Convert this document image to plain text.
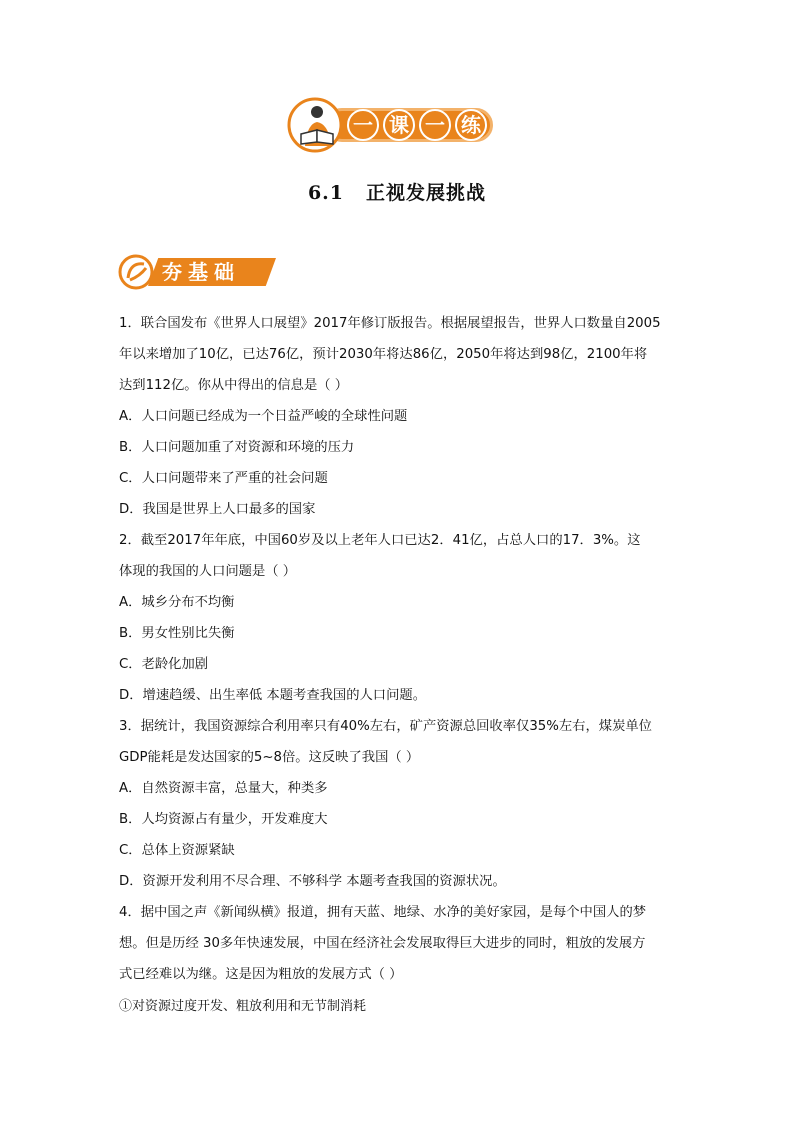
一 课 一 练
6.1 正视发展挑战
夯基础

1．联合国发布《世界人口展望》2017年修订版报告。根据展望报告，世界人口数量自2005

年以来增加了10亿，已达76亿，预计2030年将达86亿，2050年将达到98亿，2100年将

达到112亿。你从中得出的信息是（ ）

A．人口问题已经成为一个日益严峻的全球性问题

B．人口问题加重了对资源和环境的压力

C．人口问题带来了严重的社会问题

D．我国是世界上人口最多的国家

2．截至2017年年底，中国60岁及以上老年人口已达2．41亿，占总人口的17．3%。这

体现的我国的人口问题是（ ）

A．城乡分布不均衡

B．男女性别比失衡

C．老龄化加剧

D．增速趋缓、出生率低 本题考查我国的人口问题。

3．据统计，我国资源综合利用率只有40%左右，矿产资源总回收率仅35%左右，煤炭单位

GDP能耗是发达国家的5~8倍。这反映了我国（ ）

A．自然资源丰富，总量大，种类多

B．人均资源占有量少，开发难度大

C．总体上资源紧缺

D．资源开发利用不尽合理、不够科学 本题考查我国的资源状况。

4．据中国之声《新闻纵横》报道，拥有天蓝、地绿、水净的美好家园，是每个中国人的梦

想。但是历经 30多年快速发展，中国在经济社会发展取得巨大进步的同时，粗放的发展方

式已经难以为继。这是因为粗放的发展方式（ ）

①对资源过度开发、粗放利用和无节制消耗
